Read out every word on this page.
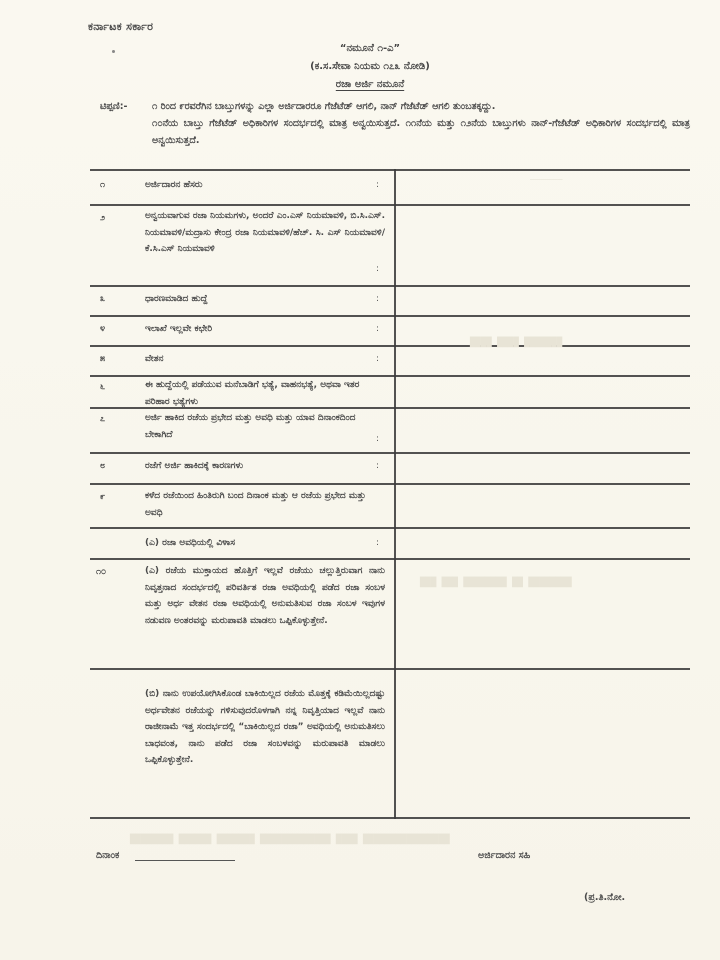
ಕರ್ನಾಟಕ ಸರ್ಕಾರ
“ನಮೂನೆ ೧-ಎ”
(ಕ.ಸ.ಸೇವಾ ನಿಯಮ ೧೭೩ ನೋಡಿ)
ರಜಾ ಅರ್ಜಿ ನಮೂನೆ
ಟಿಪ್ಪಣಿ:-	೧ ರಿಂದ ೯ರವರೆಗಿನ ಬಾಬ್ತುಗಳನ್ನು ಎಲ್ಲಾ ಅರ್ಜಿದಾರರೂ ಗೆಜೆಟೆಡ್ ಆಗಲಿ, ನಾನ್ ಗೆಜೆಟೆಡ್ ಆಗಲಿ ತುಂಬತಕ್ಕದ್ದು.

೧೦ನೆಯ ಬಾಬ್ತು ಗೆಜೆಟೆಡ್ ಅಧಿಕಾರಿಗಳ ಸಂದರ್ಭದಲ್ಲಿ ಮಾತ್ರ ಅನ್ವಯಿಸುತ್ತದೆ. ೧೧ನೆಯ ಮತ್ತು ೧೨ನೆಯ ಬಾಬ್ತುಗಳು ನಾನ್-ಗೆಜೆಟೆಡ್ ಅಧಿಕಾರಿಗಳ ಸಂದರ್ಭದಲ್ಲಿ ಮಾತ್ರ ಅನ್ವಯಿಸುತ್ತದೆ.

೧	ಅರ್ಜಿದಾರನ ಹೆಸರು	:
೨	ಅನ್ವಯವಾಗುವ ರಜಾ ನಿಯಮಗಳು, ಅಂದರೆ ಎಂ.ಎಸ್ ನಿಯಮಾವಳಿ, ಬಿ.ಸಿ.ಎಸ್. ನಿಯಮಾವಳಿ/ಮದ್ರಾಸು ಕೇಂದ್ರ ರಜಾ ನಿಯಮಾವಳಿ/ಹೆಚ್. ಸಿ. ಎಸ್ ನಿಯಮಾವಳಿ/ ಕೆ.ಸಿ.ಎಸ್ ನಿಯಮಾವಳಿ
:
೩	ಧಾರಣಮಾಡಿದ ಹುದ್ದೆ	:
೪	ಇಲಾಖೆ ಇಲ್ಲವೇ ಕಛೇರಿ	:
೫	ವೇತನ	:
೬	ಈ ಹುದ್ದೆಯಲ್ಲಿ ಪಡೆಯುವ ಮನೆಬಾಡಿಗೆ ಭತ್ಯೆ, ವಾಹನಭತ್ಯೆ, ಅಥವಾ ಇತರ ಪರಿಹಾರ ಭತ್ಯೆಗಳು
೭	ಅರ್ಜಿ ಹಾಕಿದ ರಜೆಯ ಪ್ರಭೇದ ಮತ್ತು ಅವಧಿ ಮತ್ತು ಯಾವ ದಿನಾಂಕದಿಂದ ಬೇಕಾಗಿದೆ	:
೮	ರಜೆಗೆ ಅರ್ಜಿ ಹಾಕಿದಕ್ಕೆ ಕಾರಣಗಳು	:
೯	ಕಳೆದ ರಜೆಯಿಂದ ಹಿಂತಿರುಗಿ ಬಂದ ದಿನಾಂಕ ಮತ್ತು ಆ ರಜೆಯ ಪ್ರಭೇದ ಮತ್ತು ಅವಧಿ
(ಎ) ರಜಾ ಅವಧಿಯಲ್ಲಿ ವಿಳಾಸ	:
೧೦	(ಎ) ರಜೆಯ ಮುಕ್ತಾಯದ ಹೊತ್ತಿಗೆ ಇಲ್ಲವೆ ರಜೆಯು ಚಲ್ಲುತ್ತಿರುವಾಗ ನಾನು ನಿವೃತ್ತನಾದ ಸಂದರ್ಭದಲ್ಲಿ ಪರಿವರ್ತಿತ ರಜಾ ಅವಧಿಯಲ್ಲಿ ಪಡೆದ ರಜಾ ಸಂಬಳ ಮತ್ತು ಅರ್ಧ ವೇತನ ರಜಾ ಅವಧಿಯಲ್ಲಿ ಅನುಮತಿಸುವ ರಜಾ ಸಂಬಳ ಇವುಗಳ ನಡುವಣ ಅಂತರವನ್ನು ಮರುಪಾವತಿ ಮಾಡಲು ಒಪ್ಪಿಕೊಳ್ಳುತ್ತೇನೆ.
(ಬಿ) ನಾನು ಉಪಯೋಗಿಸಿಕೊಂಡ ಬಾಕಿಯಿಲ್ಲದ ರಜೆಯ ಮೊತ್ತಕ್ಕೆ ಕಡಿಮೆಯಿಲ್ಲದಷ್ಟು ಅರ್ಧವೇತನ ರಜೆಯನ್ನು ಗಳಿಸುವುದರೊಳಗಾಗಿ ನನ್ನ ನಿವೃತ್ತಿಯಾದ ಇಲ್ಲವೆ ನಾನು ರಾಜೀನಾಮೆ ಇತ್ತ ಸಂದರ್ಭದಲ್ಲಿ “ಬಾಕಿಯಿಲ್ಲದ ರಜಾ” ಅವಧಿಯಲ್ಲಿ ಅನುಮತಿಸಲು ಬಾಧವಂತ, ನಾನು ಪಡೆದ ರಜಾ ಸಂಬಳವನ್ನು ಮರುಪಾವತಿ ಮಾಡಲು ಒಪ್ಪಿಕೊಳ್ಳುತ್ತೇನೆ.
——————
████ ████ ███████
███ ███ ████████ ██ ████████
████████ ██████ ███████ █████████████ ████ ████████████████
ದಿನಾಂಕ	ಅರ್ಜಿದಾರನ ಸಹಿ
(ಪ್ರ.ತಿ.ನೋ.
